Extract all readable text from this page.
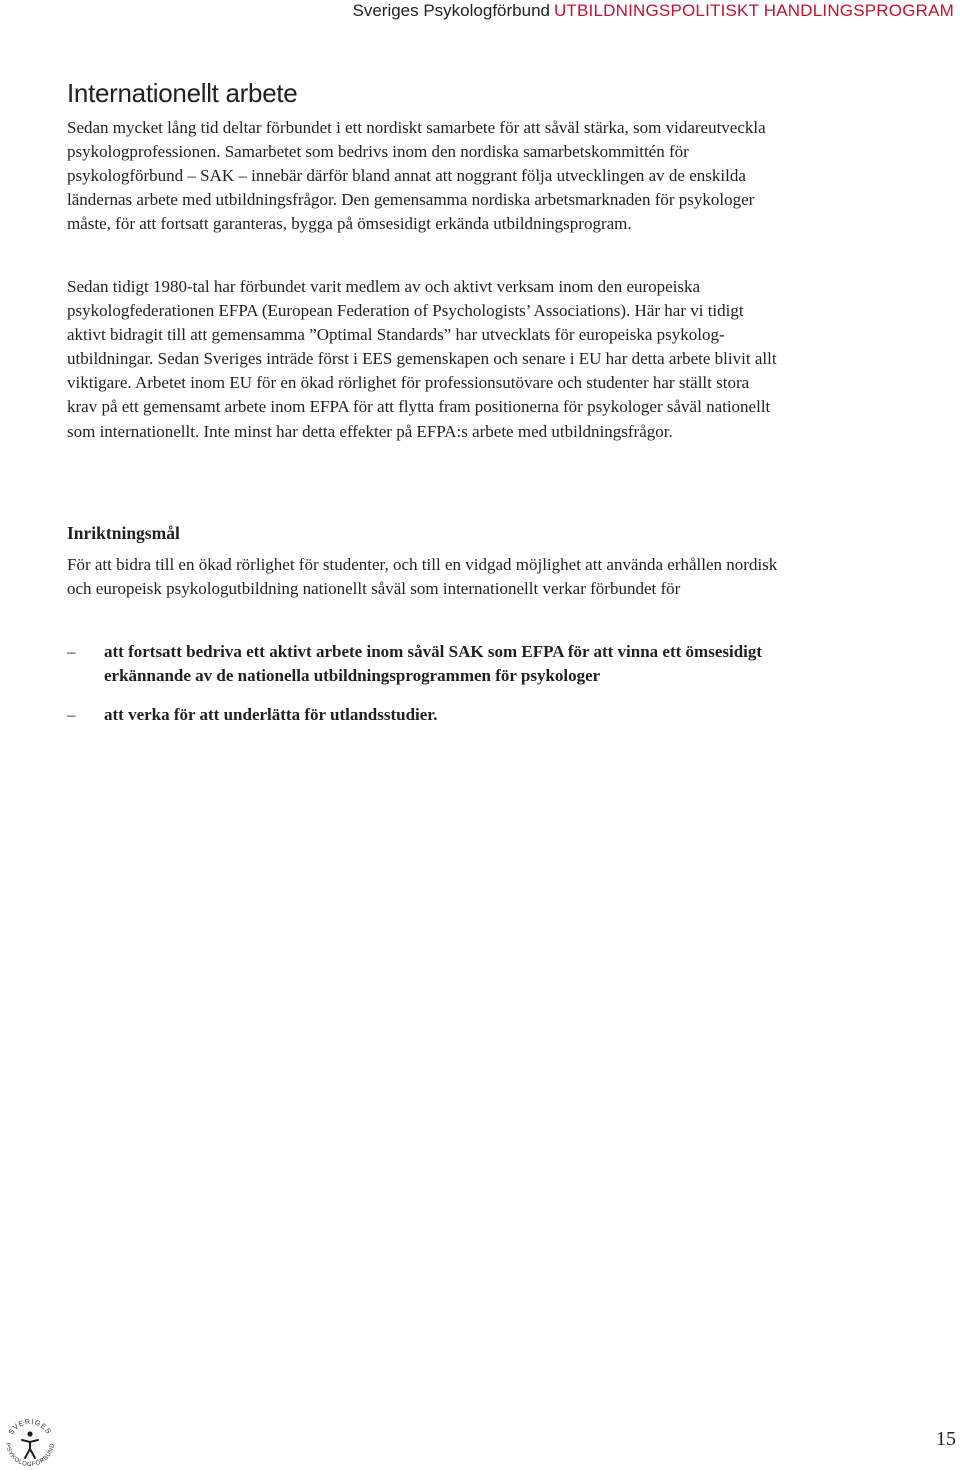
Sveriges Psykologförbund UTBILDNINGSPOLITISKT HANDLINGSPROGRAM
Internationellt arbete

Sedan mycket lång tid deltar förbundet i ett nordiskt samarbete för att såväl stärka, som vidareutveckla psykologprofessionen. Samarbetet som bedrivs inom den nordiska samarbetskommittén för psykologförbund – SAK – innebär därför bland annat att noggrant följa utvecklingen av de enskilda ländernas arbete med utbildningsfrågor. Den gemensamma nordiska arbetsmarknaden för psykologer måste, för att fortsatt garanteras, bygga på ömsesidigt erkända utbildningsprogram.

Sedan tidigt 1980-tal har förbundet varit medlem av och aktivt verksam inom den europeiska psykologfederationen EFPA (European Federation of Psychologists’ Associations). Här har vi tidigt aktivt bidragit till att gemensamma ”Optimal Standards” har utvecklats för europeiska psykolog-utbildningar. Sedan Sveriges inträde först i EES gemenskapen och senare i EU har detta arbete blivit allt viktigare. Arbetet inom EU för en ökad rörlighet för professionsutövare och studenter har ställt stora krav på ett gemensamt arbete inom EFPA för att flytta fram positionerna för psykologer såväl nationellt som internationellt. Inte minst har detta effekter på EFPA:s arbete med utbildningsfrågor.

Inriktningsmål

För att bidra till en ökad rörlighet för studenter, och till en vidgad möjlighet att använda erhållen nordisk och europeisk psykologutbildning nationellt såväl som internationellt verkar förbundet för

– att fortsatt bedriva ett aktivt arbete inom såväl SAK som EFPA för att vinna ett ömsesidigt erkännande av de nationella utbildningsprogrammen för psykologer
– att verka för att underlätta för utlandsstudier.
SVERIGES
PSYKOLOGFÖRBUND	15
